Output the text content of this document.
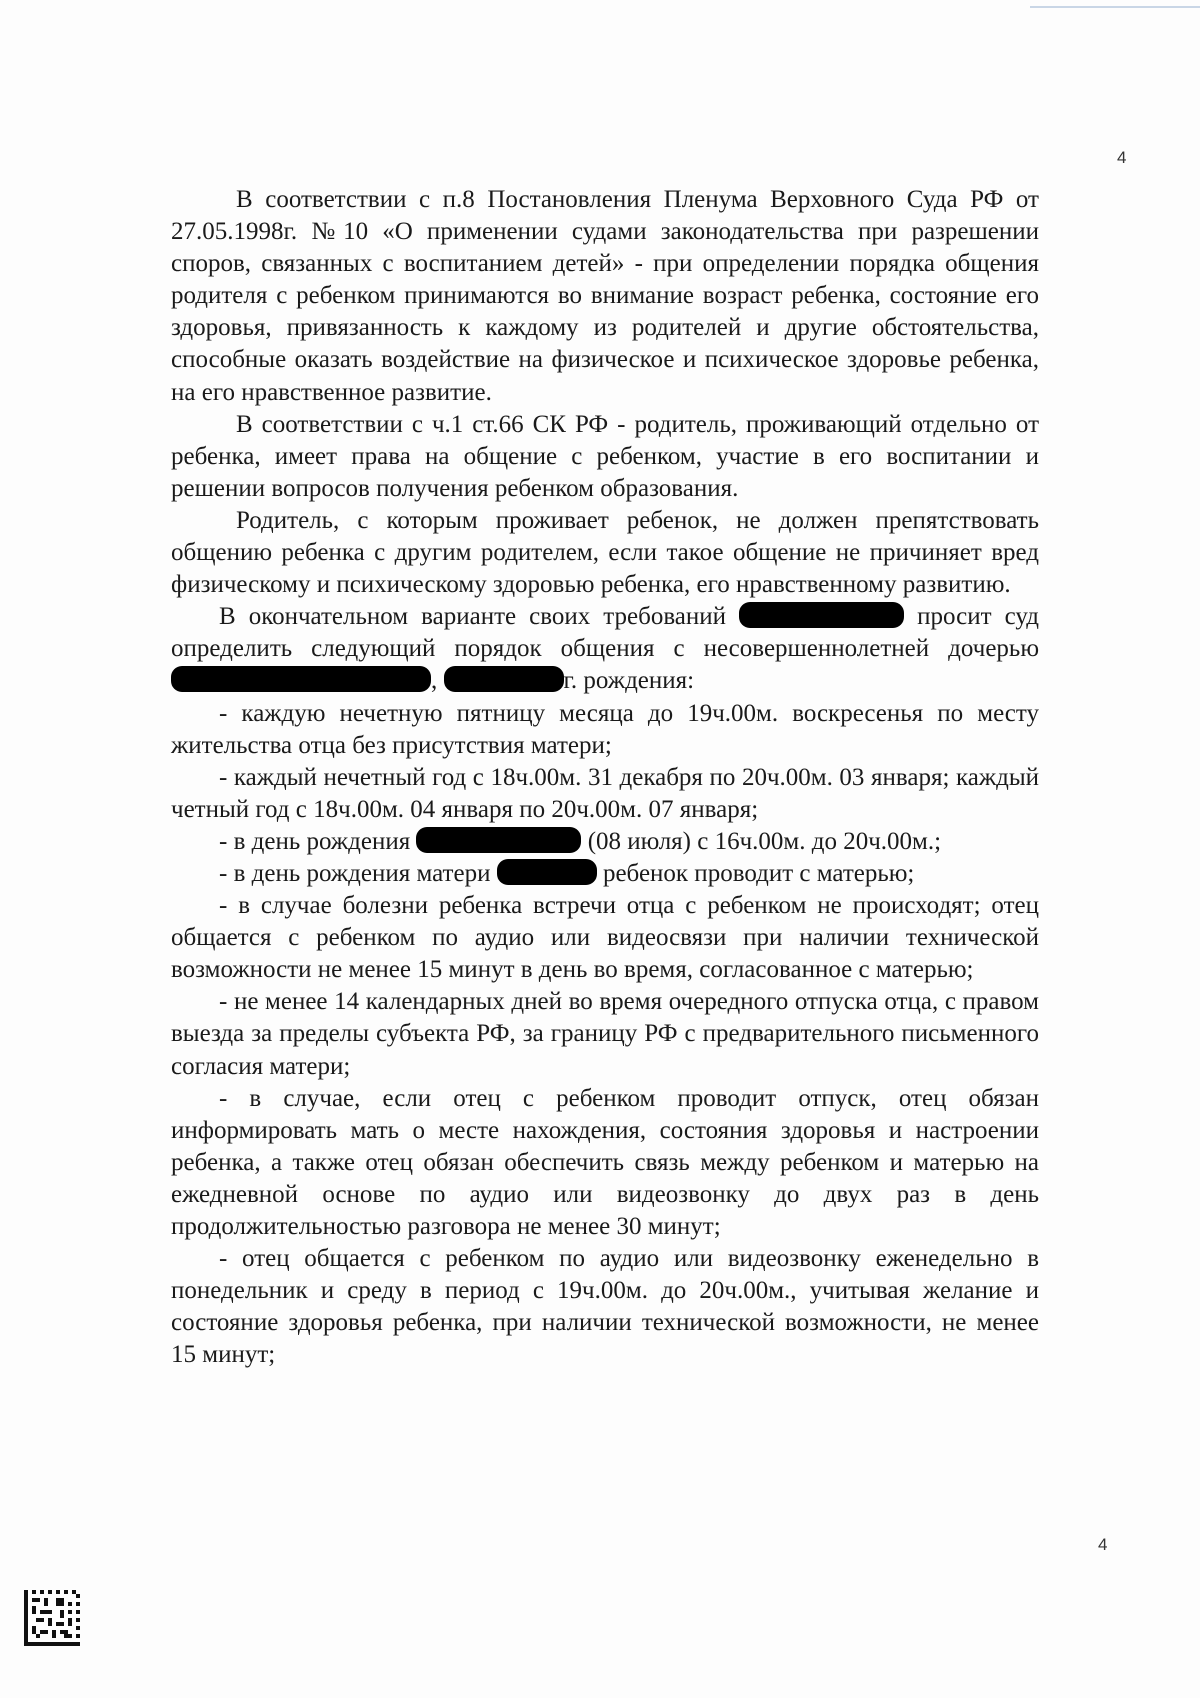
4

В соответствии с п.8 Постановления Пленума Верховного Суда РФ от 27.05.1998г. №10 «О применении судами законодательства при разрешении споров, связанных с воспитанием детей» - при определении порядка общения родителя с ребенком принимаются во внимание возраст ребенка, состояние его здоровья, привязанность к каждому из родителей и другие обстоятельства, способные оказать воздействие на физическое и психическое здоровье ребенка, на его нравственное развитие.

В соответствии с ч.1 ст.66 СК РФ - родитель, проживающий отдельно от ребенка, имеет права на общение с ребенком, участие в его воспитании и решении вопросов получения ребенком образования.

Родитель, с которым проживает ребенок, не должен препятствовать общению ребенка с другим родителем, если такое общение не причиняет вред физическому и психическому здоровью ребенка, его нравственному развитию.

В окончательном варианте своих требований	просит суд определить следующий порядок общения с несовершеннолетней дочерью ,	г. рождения:

- каждую нечетную пятницу месяца до 19ч.00м. воскресенья по месту жительства отца без присутствия матери;

- каждый нечетный год с 18ч.00м. 31 декабря по 20ч.00м. 03 января; каждый четный год с 18ч.00м. 04 января по 20ч.00м. 07 января;

- в день рождения	(08 июля) с 16ч.00м. до 20ч.00м.;

- в день рождения матери	ребенок проводит с матерью;

- в случае болезни ребенка встречи отца с ребенком не происходят; отец общается с ребенком по аудио или видеосвязи при наличии технической возможности не менее 15 минут в день во время, согласованное с матерью;

- не менее 14 календарных дней во время очередного отпуска отца, с правом выезда за пределы субъекта РФ, за границу РФ с предварительного письменного согласия матери;

- в случае, если отец с ребенком проводит отпуск, отец обязан информировать мать о месте нахождения, состояния здоровья и настроении ребенка, а также отец обязан обеспечить связь между ребенком и матерью на ежедневной основе по аудио или видеозвонку до двух раз в день продолжительностью разговора не менее 30 минут;

- отец общается с ребенком по аудио или видеозвонку еженедельно в понедельник и среду в период с 19ч.00м. до 20ч.00м., учитывая желание и состояние здоровья ребенка, при наличии технической возможности, не менее 15 минут;

4
